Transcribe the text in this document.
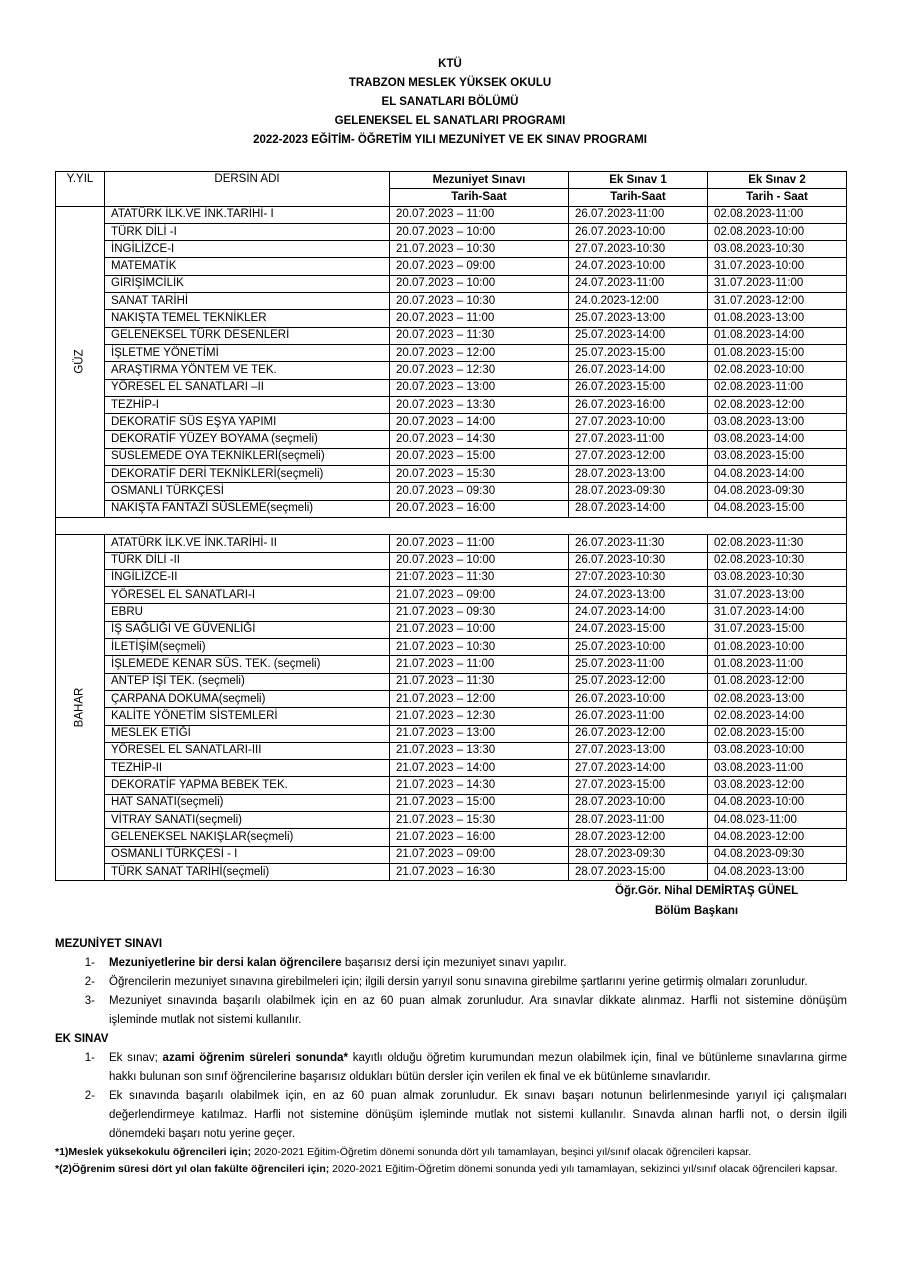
KTÜ
TRABZON MESLEK YÜKSEK OKULU
EL SANATLARI BÖLÜMÜ
GELENEKSEL EL SANATLARI PROGRAMI
2022-2023 EĞİTİM- ÖĞRETİM YILI MEZUNİYET VE EK SINAV PROGRAMI
Y.YIL	DERSİN ADI	Mezuniyet Sınavı	Ek Sınav 1	Ek Sınav 2
		Tarih-Saat	Tarih-Saat	Tarih - Saat
GÜZ	ATATÜRK İLK.VE İNK.TARİHİ- I	20.07.2023 – 11:00	26.07.2023-11:00	02.08.2023-11:00
	TÜRK DİLİ -I	20.07.2023 – 10:00	26.07.2023-10:00	02.08.2023-10:00
	İNGİLİZCE-I	21.07.2023 – 10:30	27.07.2023-10:30	03.08.2023-10:30
	MATEMATİK	20.07.2023 – 09:00	24.07.2023-10:00	31.07.2023-10:00
	GİRİŞİMCİLİK	20.07.2023 – 10:00	24.07.2023-11:00	31.07.2023-11:00
	SANAT TARİHİ	20.07.2023 – 10:30	24.0.2023-12:00	31.07.2023-12:00
	NAKIŞTA TEMEL TEKNİKLER	20.07.2023 – 11:00	25.07.2023-13:00	01.08.2023-13:00
	GELENEKSEL TÜRK DESENLERİ	20.07.2023 – 11:30	25.07.2023-14:00	01.08.2023-14:00
	İŞLETME YÖNETİMİ	20.07.2023 – 12:00	25.07.2023-15:00	01.08.2023-15:00
	ARAŞTIRMA YÖNTEM VE TEK.	20.07.2023 – 12:30	26.07.2023-14:00	02.08.2023-10:00
	YÖRESEL EL SANATLARI –II	20.07.2023 – 13:00	26.07.2023-15:00	02.08.2023-11:00
	TEZHİP-I	20.07.2023 – 13:30	26.07.2023-16:00	02.08.2023-12:00
	DEKORATİF SÜS EŞYA YAPIMI	20.07.2023 – 14:00	27.07.2023-10:00	03.08.2023-13:00
	DEKORATİF YÜZEY BOYAMA (seçmeli)	20.07.2023 – 14:30	27.07.2023-11:00	03.08.2023-14:00
	SÜSLEMEDE OYA TEKNİKLERİ(seçmeli)	20.07.2023 – 15:00	27.07.2023-12:00	03.08.2023-15:00
	DEKORATİF DERİ TEKNİKLERİ(seçmeli)	20.07.2023 – 15:30	28.07.2023-13:00	04.08.2023-14:00
	OSMANLI TÜRKÇESİ	20.07.2023 – 09:30	28.07.2023-09:30	04.08.2023-09:30
	NAKIŞTA FANTAZİ SÜSLEME(seçmeli)	20.07.2023 – 16:00	28.07.2023-14:00	04.08.2023-15:00

BAHAR	ATATÜRK İLK.VE İNK.TARİHİ- II	20.07.2023 – 11:00	26.07.2023-11:30	02.08.2023-11:30
	TÜRK DİLİ -II	20.07.2023 – 10:00	26.07.2023-10:30	02.08.2023-10:30
	İNGİLİZCE-II	21:07.2023 – 11:30	27:07.2023-10:30	03.08.2023-10:30
	YÖRESEL EL SANATLARI-I	21.07.2023 – 09:00	24.07.2023-13:00	31.07.2023-13:00
	EBRU	21.07.2023 – 09:30	24.07.2023-14:00	31.07.2023-14:00
	İŞ SAĞLIĞI VE GÜVENLİĞİ	21.07.2023 – 10:00	24.07.2023-15:00	31.07.2023-15:00
	İLETİŞİM(seçmeli)	21.07.2023 – 10:30	25.07.2023-10:00	01.08.2023-10:00
	İŞLEMEDE KENAR SÜS. TEK. (seçmeli)	21.07.2023 – 11:00	25.07.2023-11:00	01.08.2023-11:00
	ANTEP İŞİ TEK. (seçmeli)	21.07.2023 – 11:30	25.07.2023-12:00	01.08.2023-12:00
	ÇARPANA DOKUMA(seçmeli)	21.07.2023 – 12:00	26.07.2023-10:00	02.08.2023-13:00
	KALİTE YÖNETİM SİSTEMLERİ	21.07.2023 – 12:30	26.07.2023-11:00	02.08.2023-14:00
	MESLEK ETİĞİ	21.07.2023 – 13:00	26.07.2023-12:00	02.08.2023-15:00
	YÖRESEL EL SANATLARI-III	21.07.2023 – 13:30	27.07.2023-13:00	03.08.2023-10:00
	TEZHİP-II	21.07.2023 – 14:00	27.07.2023-14:00	03.08.2023-11:00
	DEKORATİF YAPMA BEBEK TEK.	21.07.2023 – 14:30	27.07.2023-15:00	03.08.2023-12:00
	HAT SANATI(seçmeli)	21.07.2023 – 15:00	28.07.2023-10:00	04.08.2023-10:00
	VİTRAY SANATI(seçmeli)	21.07.2023 – 15:30	28.07.2023-11:00	04.08.023-11:00
	GELENEKSEL NAKIŞLAR(seçmeli)	21.07.2023 – 16:00	28.07.2023-12:00	04.08.2023-12:00
	OSMANLI TÜRKÇESİ - I	21.07.2023 – 09:00	28.07.2023-09:30	04.08.2023-09:30
	TÜRK SANAT TARİHİ(seçmeli)	21.07.2023 – 16:30	28.07.2023-15:00	04.08.2023-13:00
Öğr.Gör. Nihal DEMİRTAŞ GÜNEL
Bölüm Başkanı
MEZUNİYET SINAVI
1-	Mezuniyetlerine bir dersi kalan öğrencilere başarısız dersi için mezuniyet sınavı yapılır.
2-	Öğrencilerin mezuniyet sınavına girebilmeleri için; ilgili dersin yarıyıl sonu sınavına girebilme şartlarını yerine getirmiş olmaları zorunludur.
3-	Mezuniyet sınavında başarılı olabilmek için en az 60 puan almak zorunludur. Ara sınavlar dikkate alınmaz. Harfli not sistemine dönüşüm işleminde mutlak not sistemi kullanılır.
EK SINAV
1-	Ek sınav; azami öğrenim süreleri sonunda* kayıtlı olduğu öğretim kurumundan mezun olabilmek için, final ve bütünleme sınavlarına girme hakkı bulunan son sınıf öğrencilerine başarısız oldukları bütün dersler için verilen ek final ve ek bütünleme sınavlarıdır.
2-	Ek sınavında başarılı olabilmek için, en az 60 puan almak zorunludur. Ek sınavı başarı notunun belirlenmesinde yarıyıl içi çalışmaları değerlendirmeye katılmaz. Harfli not sistemine dönüşüm işleminde mutlak not sistemi kullanılır. Sınavda alınan harfli not, o dersin ilgili dönemdeki başarı notu yerine geçer.
*1)Meslek yüksekokulu öğrencileri için; 2020-2021 Eğitim-Öğretim dönemi sonunda dört yılı tamamlayan, beşinci yıl/sınıf olacak öğrencileri kapsar.
*(2)Öğrenim süresi dört yıl olan fakülte öğrencileri için; 2020-2021 Eğitim-Öğretim dönemi sonunda yedi yılı tamamlayan, sekizinci yıl/sınıf olacak öğrencileri kapsar.
